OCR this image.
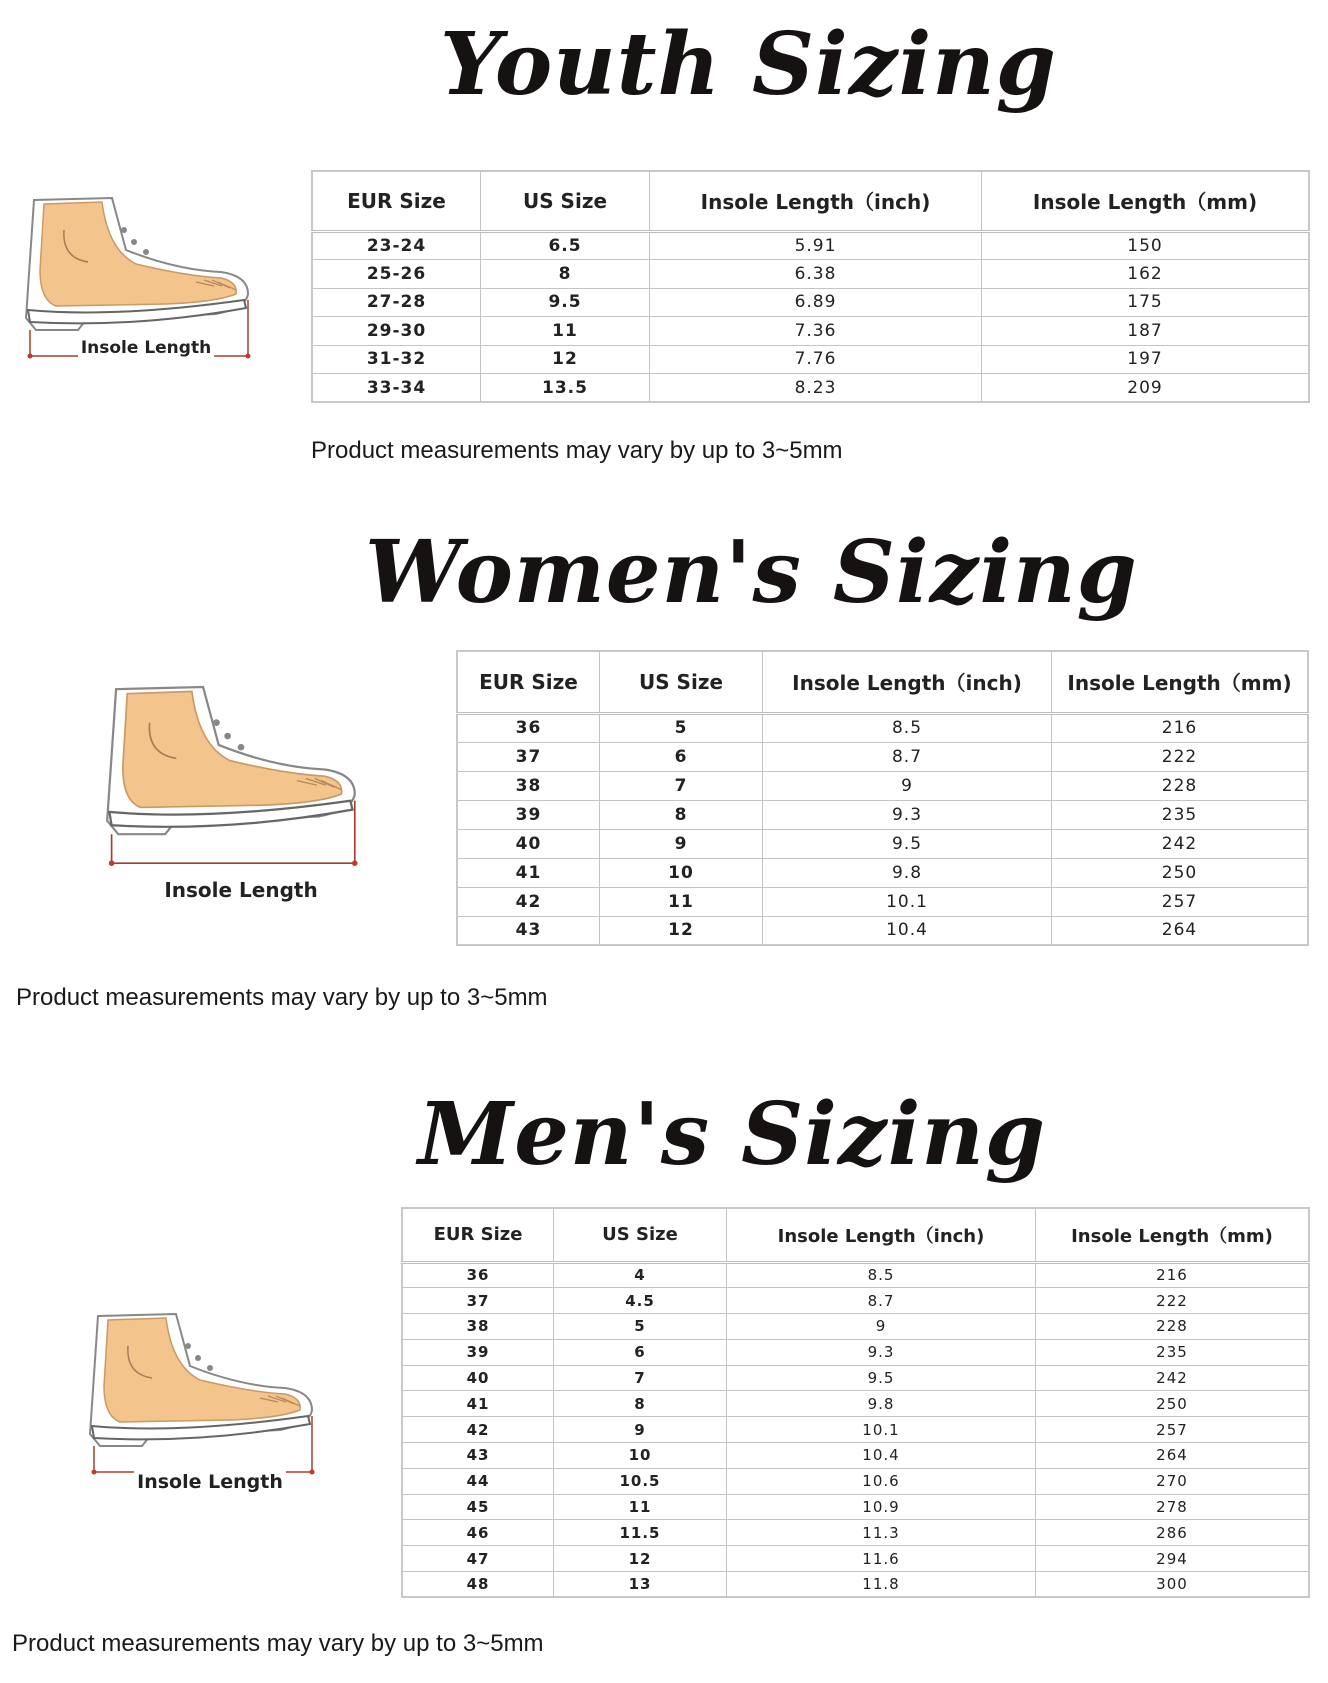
Youth Sizing
Insole Length
EUR Size	US Size	Insole Length（inch)	Insole Length（mm)
23-24	6.5	5.91	150
25-26	8	6.38	162
27-28	9.5	6.89	175
29-30	11	7.36	187
31-32	12	7.76	197
33-34	13.5	8.23	209

Product measurements may vary by up to 3~5mm

Women's Sizing
Insole Length
EUR Size	US Size	Insole Length（inch)	Insole Length（mm)
36	5	8.5	216
37	6	8.7	222
38	7	9	228
39	8	9.3	235
40	9	9.5	242
41	10	9.8	250
42	11	10.1	257
43	12	10.4	264

Product measurements may vary by up to 3~5mm

Men's Sizing
Insole Length
EUR Size	US Size	Insole Length（inch)	Insole Length（mm)
36	4	8.5	216
37	4.5	8.7	222
38	5	9	228
39	6	9.3	235
40	7	9.5	242
41	8	9.8	250
42	9	10.1	257
43	10	10.4	264
44	10.5	10.6	270
45	11	10.9	278
46	11.5	11.3	286
47	12	11.6	294
48	13	11.8	300

Product measurements may vary by up to 3~5mm
